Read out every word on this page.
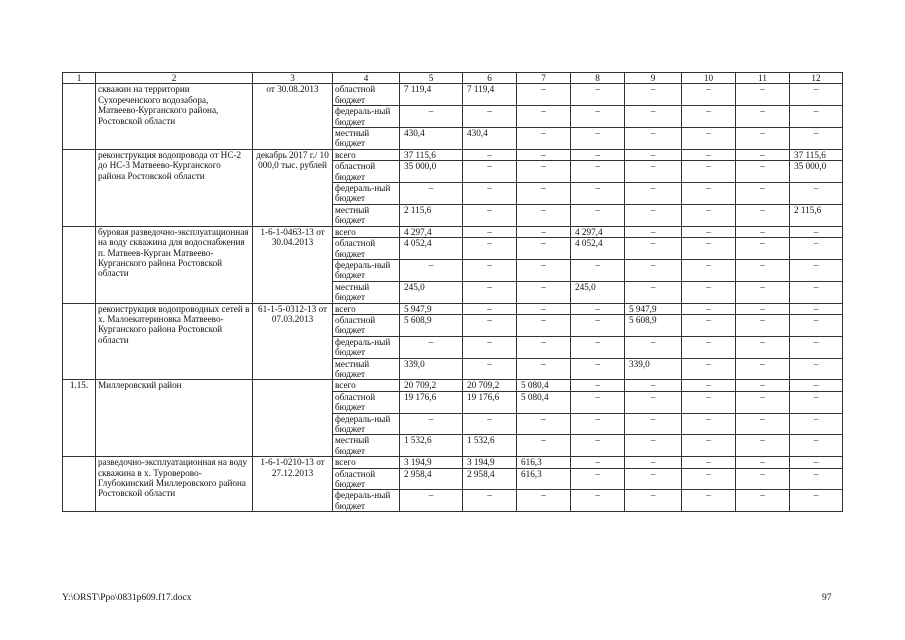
1	2	3	4	5	6	7	8	9	10	11	12
	скважин на территории Сухореченского водозабора, Матвеево-Курганского района, Ростовской области	от 30.08.2013	областной бюджет	7 119,4	7 119,4	–	–	–	–	–	–
			федераль-ный бюджет	–	–	–	–	–	–	–	–
			местный бюджет	430,4	430,4	–	–	–	–	–	–
	реконструкция водопровода от НС-2 до НС-3 Матвеево-Курганского района Ростовской области	декабрь 2017 г./ 10 000,0 тыс. рублей	всего	37 115,6	–	–	–	–	–	–	37 115,6
			областной бюджет	35 000,0	–	–	–	–	–	–	35 000,0
			федераль-ный бюджет	–	–	–	–	–	–	–	–
			местный бюджет	2 115,6	–	–	–	–	–	–	2 115,6
	буровая разведочно-эксплуатационная на воду скважина для водоснабжения п. Матвеев-Курган Матвеево-Курганского района Ростовской области	1-6-1-0463-13 от 30.04.2013	всего	4 297,4	–	–	4 297,4	–	–	–	–
			областной бюджет	4 052,4	–	–	4 052,4	–	–	–	–
			федераль-ный бюджет	–	–	–	–	–	–	–	–
			местный бюджет	245,0	–	–	245,0	–	–	–	–
	реконструкция водопроводных сетей в х. Малоекатериновка Матвеево-Курганского района Ростовской области	61-1-5-0312-13 от 07.03.2013	всего	5 947,9	–	–	–	5 947,9	–	–	–
			областной бюджет	5 608,9	–	–	–	5 608,9	–	–	–
			федераль-ный бюджет	–	–	–	–	–	–	–	–
			местный бюджет	339,0	–	–	–	339,0	–	–	–
1.15.	Миллеровский район		всего	20 709,2	20 709,2	5 080,4	–	–	–	–	–
			областной бюджет	19 176,6	19 176,6	5 080,4	–	–	–	–	–
			федераль-ный бюджет	–	–	–	–	–	–	–	–
			местный бюджет	1 532,6	1 532,6	–	–	–	–	–	–
	разведочно-эксплуатационная на воду скважина в х. Туроверово-Глубокинский Миллеровского района Ростовской области	1-6-1-0210-13 от 27.12.2013	всего	3 194,9	3 194,9	616,3	–	–	–	–	–
			областной бюджет	2 958,4	2 958,4	616,3	–	–	–	–	–
			федераль-ный бюджет	–	–	–	–	–	–	–	–
Y:\ORST\Ppo\0831p609.f17.docx	97
